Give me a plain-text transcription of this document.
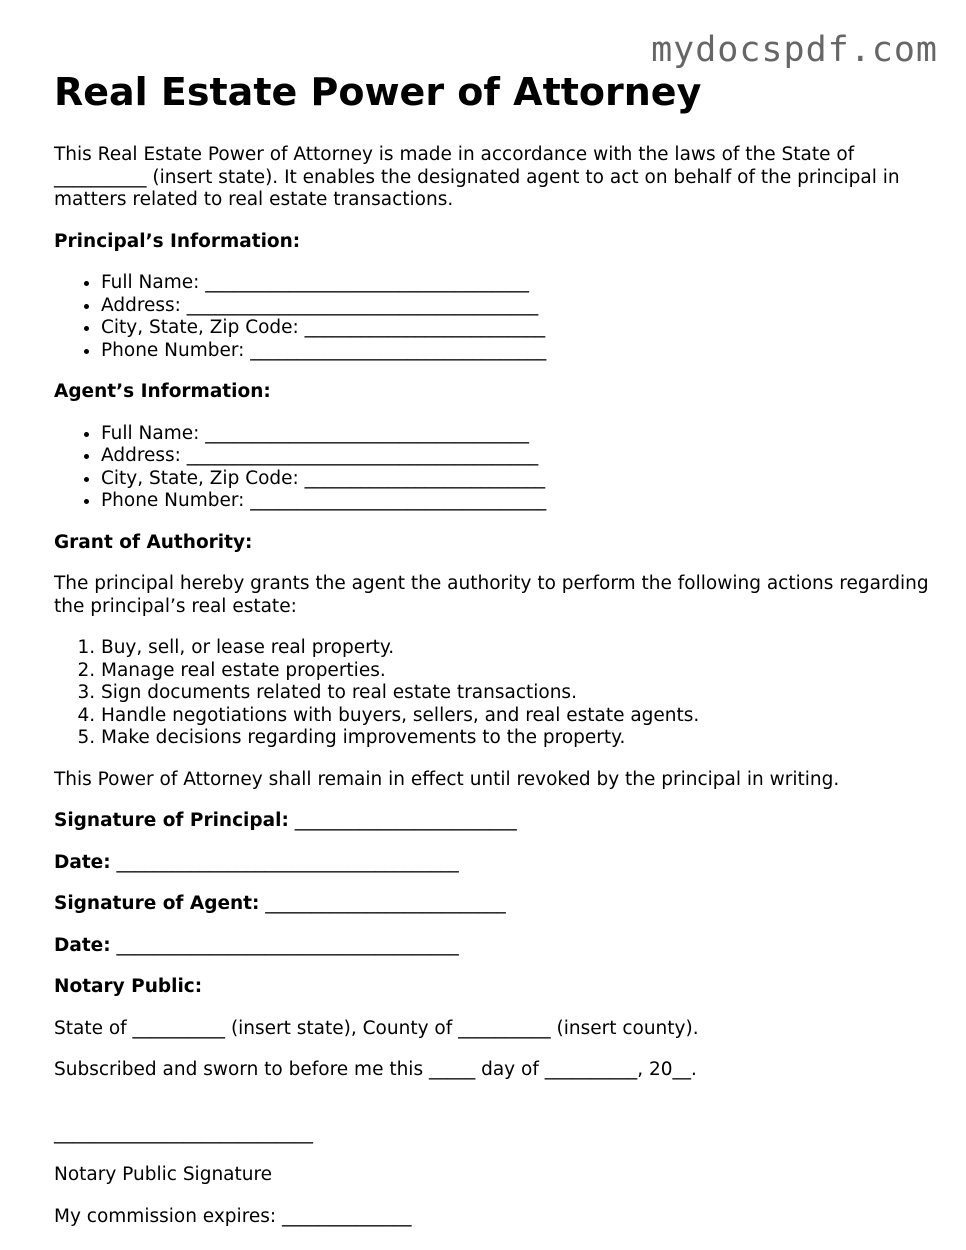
mydocspdf.com
Real Estate Power of Attorney

This Real Estate Power of Attorney is made in accordance with the laws of the State of __________ (insert state). It enables the designated agent to act on behalf of the principal in matters related to real estate transactions.

Principal’s Information:

• Full Name: ___________________________________
• Address: ______________________________________
• City, State, Zip Code: __________________________
• Phone Number: ________________________________

Agent’s Information:

• Full Name: ___________________________________
• Address: ______________________________________
• City, State, Zip Code: __________________________
• Phone Number: ________________________________

Grant of Authority:

The principal hereby grants the agent the authority to perform the following actions regarding the principal’s real estate:

1. Buy, sell, or lease real property.
2. Manage real estate properties.
3. Sign documents related to real estate transactions.
4. Handle negotiations with buyers, sellers, and real estate agents.
5. Make decisions regarding improvements to the property.

This Power of Attorney shall remain in effect until revoked by the principal in writing.

Signature of Principal: ________________________

Date: _____________________________________

Signature of Agent: __________________________

Date: _____________________________________

Notary Public:

State of __________ (insert state), County of __________ (insert county).

Subscribed and sworn to before me this _____ day of __________, 20__.

____________________________

Notary Public Signature

My commission expires: ______________
